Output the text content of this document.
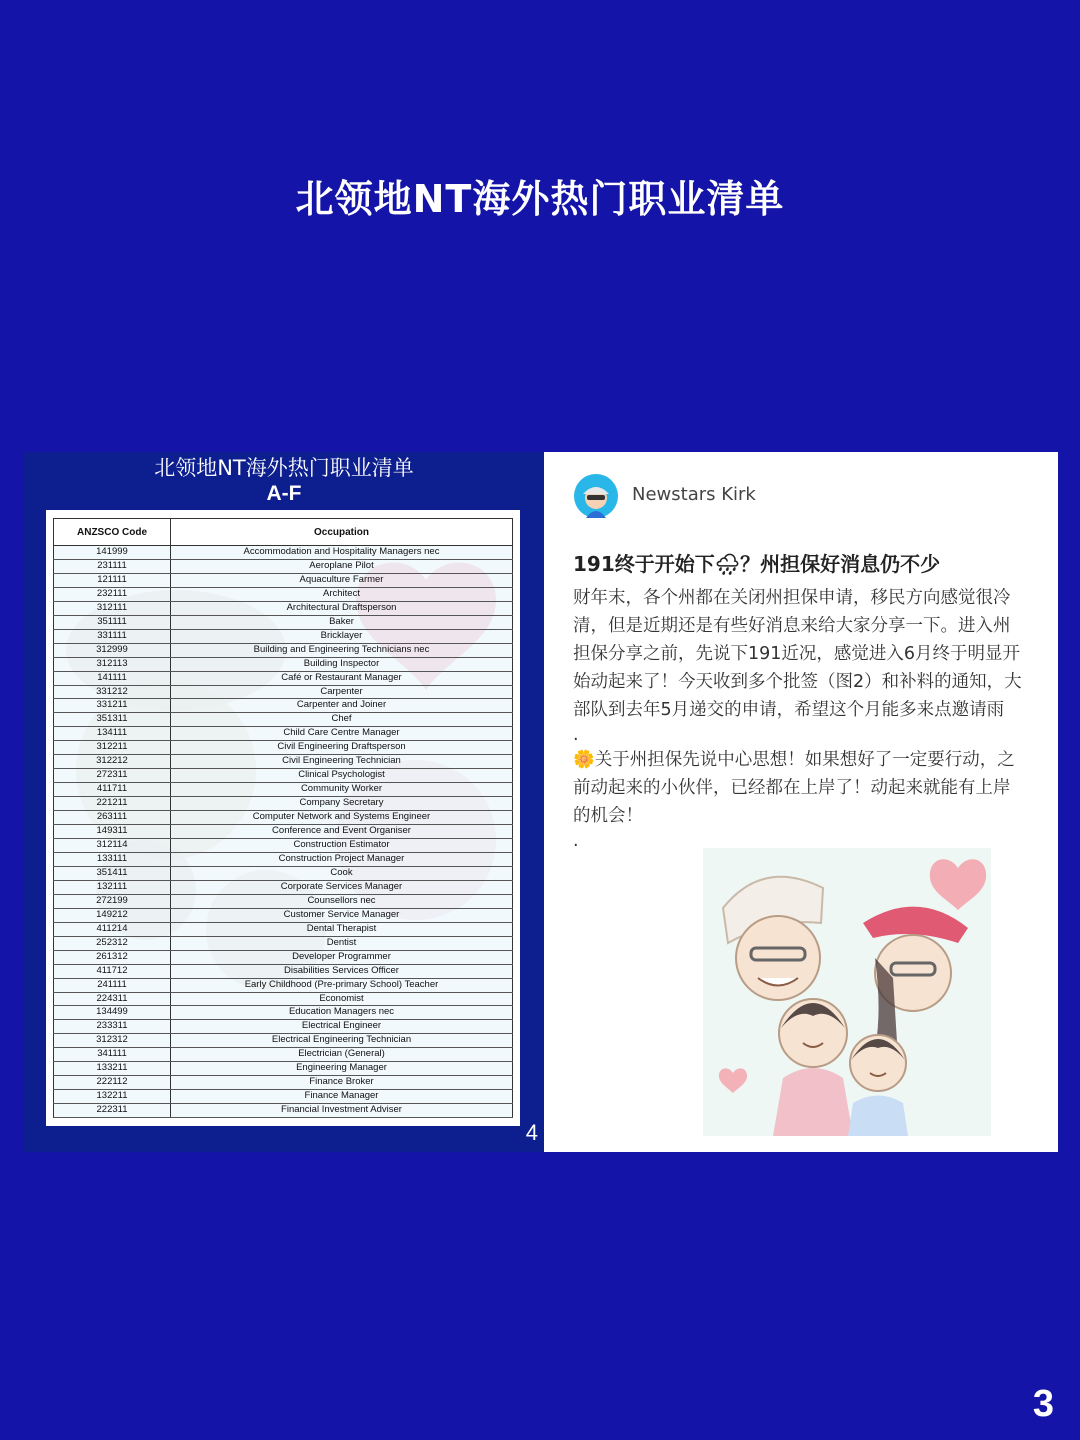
北领地NT海外热门职业清单
北领地NT海外热门职业清单
A-F
ANZSCO Code	Occupation
141999	Accommodation and Hospitality Managers nec
231111	Aeroplane Pilot
121111	Aquaculture Farmer
232111	Architect
312111	Architectural Draftsperson
351111	Baker
331111	Bricklayer
312999	Building and Engineering Technicians nec
312113	Building Inspector
141111	Café or Restaurant Manager
331212	Carpenter
331211	Carpenter and Joiner
351311	Chef
134111	Child Care Centre Manager
312211	Civil Engineering Draftsperson
312212	Civil Engineering Technician
272311	Clinical Psychologist
411711	Community Worker
221211	Company Secretary
263111	Computer Network and Systems Engineer
149311	Conference and Event Organiser
312114	Construction Estimator
133111	Construction Project Manager
351411	Cook
132111	Corporate Services Manager
272199	Counsellors nec
149212	Customer Service Manager
411214	Dental Therapist
252312	Dentist
261312	Developer Programmer
411712	Disabilities Services Officer
241111	Early Childhood (Pre-primary School) Teacher
224311	Economist
134499	Education Managers nec
233311	Electrical Engineer
312312	Electrical Engineering Technician
341111	Electrician (General)
133211	Engineering Manager
222112	Finance Broker
132211	Finance Manager
222311	Financial Investment Adviser
4
Newstars Kirk
191终于开始下🌧？州担保好消息仍不少

财年末，各个州都在关闭州担保申请，移民方向感觉很冷清，但是近期还是有些好消息来给大家分享一下。进入州担保分享之前，先说下191近况，感觉进入6月终于明显开始动起来了！今天收到多个批签（图2）和补料的通知，大部队到去年5月递交的申请，希望这个月能多来点邀请雨

.

🌼关于州担保先说中心思想！如果想好了一定要行动，之前动起来的小伙伴，已经都在上岸了！动起来就能有上岸的机会！

.

3
